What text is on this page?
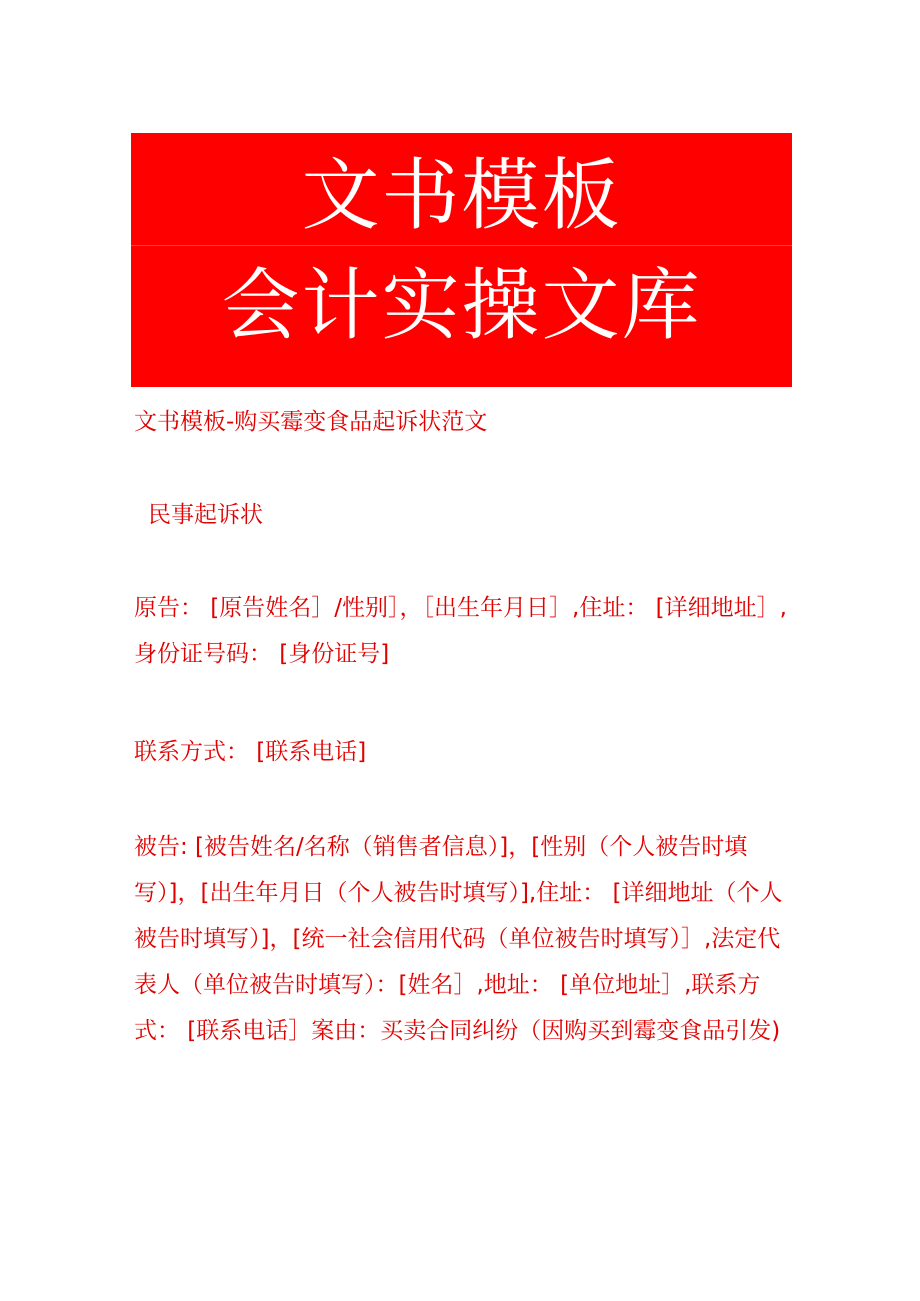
文书模板
会计实操文库

文书模板-购买霉变食品起诉状范文

民事起诉状

原告： [原告姓名］/性别］，［出生年月日］,住址： [详细地址］,身份证号码： [身份证号]

联系方式： [联系电话]

被告: [被告姓名/名称（销售者信息）]，[性别（个人被告时填写）]，[出生年月日（个人被告时填写）],住址： [详细地址（个人被告时填写）]，[统一社会信用代码（单位被告时填写）］,法定代表人（单位被告时填写）：[姓名］,地址： [单位地址］,联系方式： [联系电话］案由：买卖合同纠纷（因购买到霉变食品引发)
